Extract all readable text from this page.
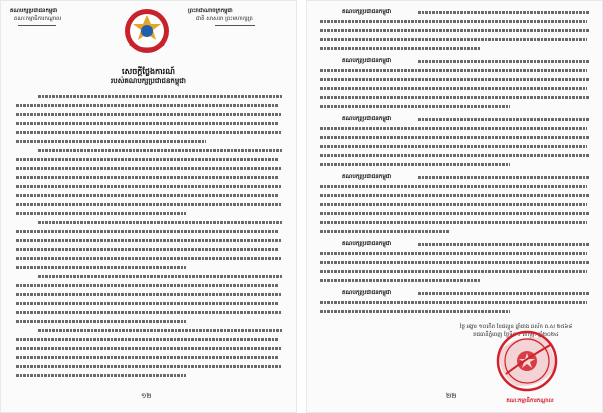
គណបក្សប្រជាជនកម្ពុជា
គណៈកម្មាធិការកណ្ដាល
ព្រះរាជាណាចក្រកម្ពុជា
ជាតិ សាសនា ព្រះមហាក្សត្រ
សេចក្ដីថ្លែងការណ៍
របស់គណបក្សប្រជាជនកម្ពុជា
១២
គណបក្សប្រជាជនកម្ពុជា
គណបក្សប្រជាជនកម្ពុជា
គណបក្សប្រជាជនកម្ពុជា
គណបក្សប្រជាជនកម្ពុជា
គណបក្សប្រជាជនកម្ពុជា
គណបក្សប្រជាជនកម្ពុជា
ថ្ងៃ អង្គារ ១០កើត ខែផល្គុន ឆ្នាំរោង ឆស័ក ព.ស ២៥៦៨
រាជធានីភ្នំពេញ ថ្ងៃទី១១ ខែកុម្ភៈ ឆ្នាំ២០២៤
២២
គណៈកម្មាធិការកណ្ដាល
